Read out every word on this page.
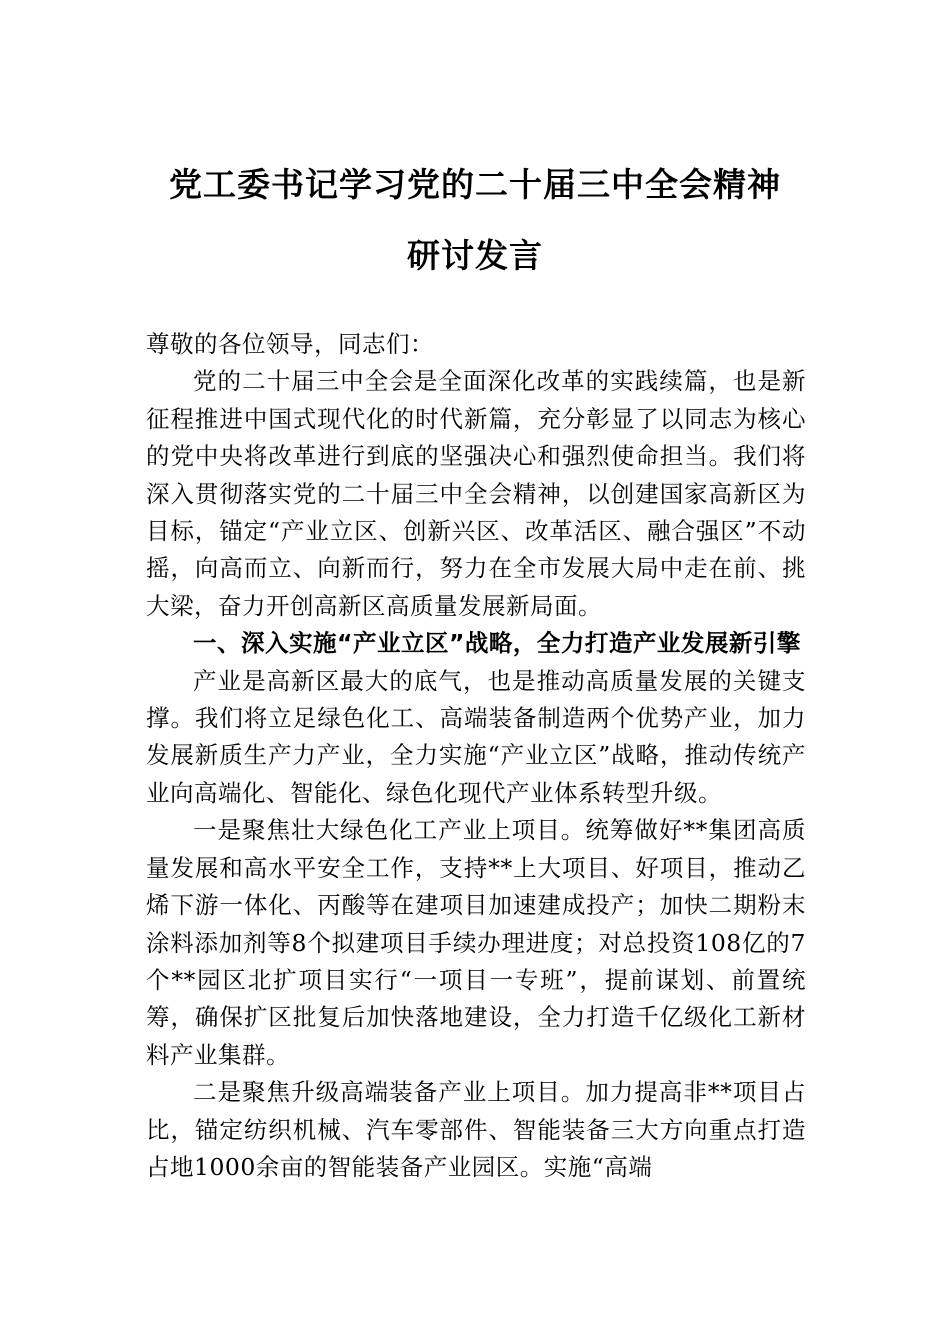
党工委书记学习党的二十届三中全会精神
研讨发言

尊敬的各位领导，同志们：

党的二十届三中全会是全面深化改革的实践续篇，也是新征程推进中国式现代化的时代新篇，充分彰显了以同志为核心的党中央将改革进行到底的坚强决心和强烈使命担当。我们将深入贯彻落实党的二十届三中全会精神，以创建国家高新区为目标，锚定“产业立区、创新兴区、改革活区、融合强区”不动摇，向高而立、向新而行，努力在全市发展大局中走在前、挑大梁，奋力开创高新区高质量发展新局面。

一、深入实施“产业立区”战略，全力打造产业发展新引擎

产业是高新区最大的底气，也是推动高质量发展的关键支撑。我们将立足绿色化工、高端装备制造两个优势产业，加力发展新质生产力产业，全力实施“产业立区”战略，推动传统产业向高端化、智能化、绿色化现代产业体系转型升级。

一是聚焦壮大绿色化工产业上项目。统筹做好**集团高质量发展和高水平安全工作，支持**上大项目、好项目，推动乙烯下游一体化、丙酸等在建项目加速建成投产；加快二期粉末涂料添加剂等8个拟建项目手续办理进度；对总投资108亿的7个**园区北扩项目实行“一项目一专班”，提前谋划、前置统筹，确保扩区批复后加快落地建设，全力打造千亿级化工新材料产业集群。

二是聚焦升级高端装备产业上项目。加力提高非**项目占比，锚定纺织机械、汽车零部件、智能装备三大方向重点打造占地1000余亩的智能装备产业园区。实施“高端
